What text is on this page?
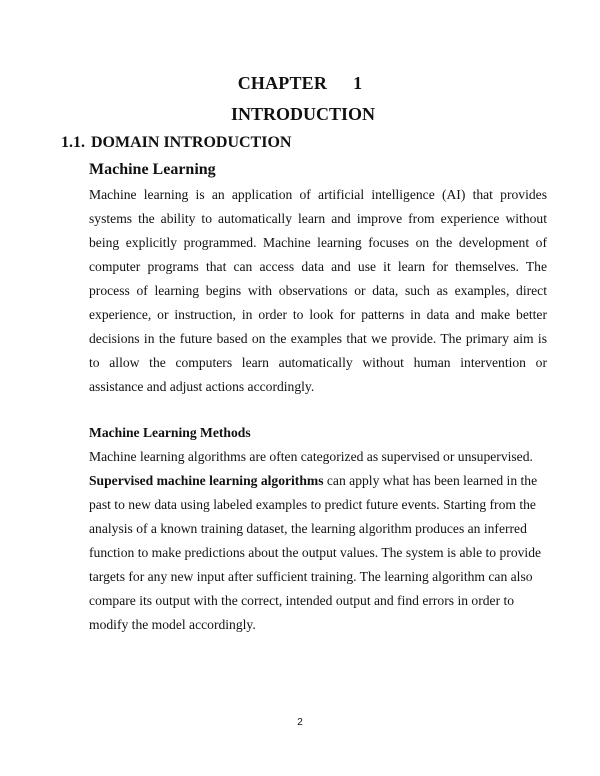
CHAPTER 1
INTRODUCTION
1.1. DOMAIN INTRODUCTION
Machine Learning
Machine learning is an application of artificial intelligence (AI) that provides
systems the ability to automatically learn and improve from experience without
being explicitly programmed. Machine learning focuses on the development of
computer programs that can access data and use it learn for themselves. The
process of learning begins with observations or data, such as examples, direct
experience, or instruction, in order to look for patterns in data and make better
decisions in the future based on the examples that we provide. The primary aim is
to allow the computers learn automatically without human intervention or
assistance and adjust actions accordingly.
Machine Learning Methods
Machine learning algorithms are often categorized as supervised or unsupervised.
Supervised machine learning algorithms can apply what has been learned in the
past to new data using labeled examples to predict future events. Starting from the
analysis of a known training dataset, the learning algorithm produces an inferred
function to make predictions about the output values. The system is able to provide
targets for any new input after sufficient training. The learning algorithm can also
compare its output with the correct, intended output and find errors in order to
modify the model accordingly.
2
